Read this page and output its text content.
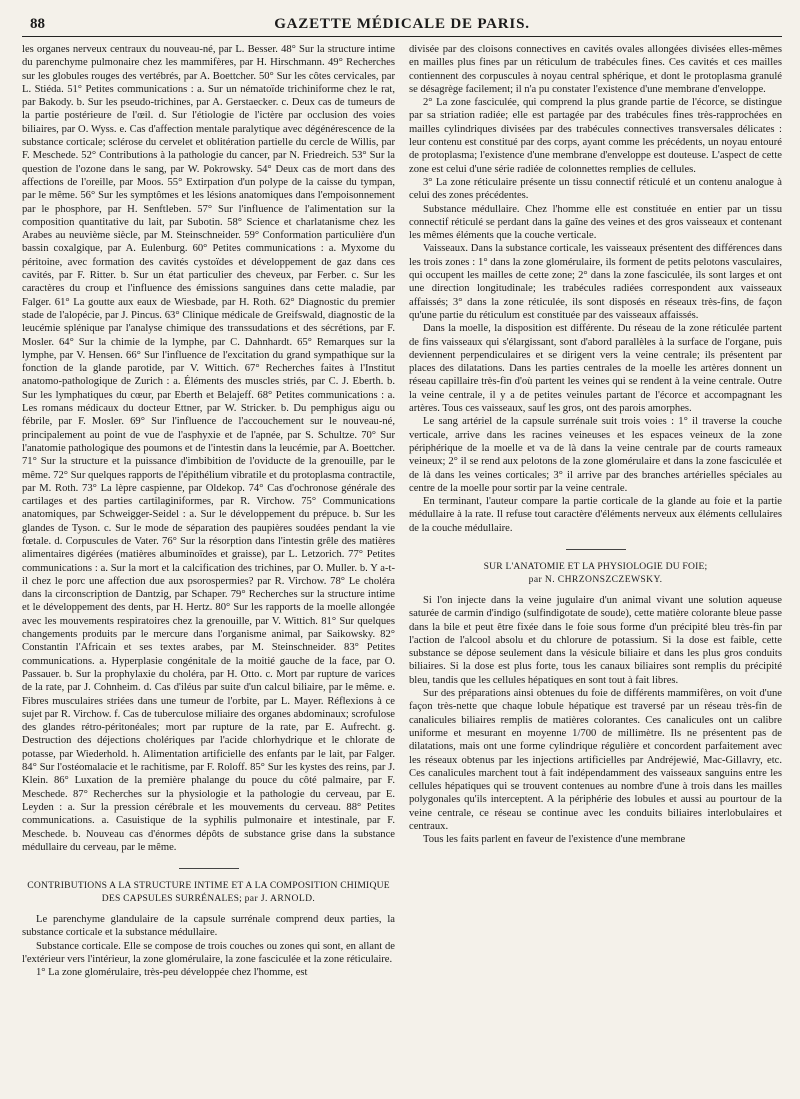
88	GAZETTE MÉDICALE DE PARIS.

les organes nerveux centraux du nouveau-né, par L. Besser. 48° Sur la structure intime du parenchyme pulmonaire chez les mammifères, par H. Hirschmann. 49° Recherches sur les globules rouges des vertébrés, par A. Boettcher. 50° Sur les côtes cervicales, par L. Stiéda. 51° Petites communications : a. Sur un nématoïde trichiniforme chez le rat, par Bakody. b. Sur les pseudo-trichines, par A. Gerstaecker. c. Deux cas de tumeurs de la partie postérieure de l'œil. d. Sur l'étiologie de l'ictère par occlusion des voies biliaires, par O. Wyss. e. Cas d'affection mentale paralytique avec dégénérescence de la substance corticale; sclérose du cervelet et oblitération partielle du cercle de Willis, par F. Meschede. 52° Contributions à la pathologie du cancer, par N. Friedreich. 53° Sur la question de l'ozone dans le sang, par W. Pokrowsky. 54° Deux cas de mort dans des affections de l'oreille, par Moos. 55° Extirpation d'un polype de la caisse du tympan, par le même. 56° Sur les symptômes et les lésions anatomiques dans l'empoisonnement par le phosphore, par H. Senftleben. 57° Sur l'influence de l'alimentation sur la composition quantitative du lait, par Subotin. 58° Science et charlatanisme chez les Arabes au neuvième siècle, par M. Steinschneider. 59° Conformation particulière d'un bassin coxalgique, par A. Eulenburg. 60° Petites communications : a. Myxome du péritoine, avec formation des cavités cystoïdes et développement de gaz dans ces cavités, par F. Ritter. b. Sur un état particulier des cheveux, par Ferber. c. Sur les caractères du croup et l'influence des émissions sanguines dans cette maladie, par Falger. 61° La goutte aux eaux de Wiesbade, par H. Roth. 62° Diagnostic du premier stade de l'alopécie, par J. Pincus. 63° Clinique médicale de Greifswald, diagnostic de la leucémie splénique par l'analyse chimique des transsudations et des sécrétions, par F. Mosler. 64° Sur la chimie de la lymphe, par C. Dahnhardt. 65° Remarques sur la lymphe, par V. Hensen. 66° Sur l'influence de l'excitation du grand sympathique sur la fonction de la glande parotide, par V. Wittich. 67° Recherches faites à l'Institut anatomo-pathologique de Zurich : a. Éléments des muscles striés, par C. J. Eberth. b. Sur les lymphatiques du cœur, par Eberth et Belajeff. 68° Petites communications : a. Les romans médicaux du docteur Ettner, par W. Stricker. b. Du pemphigus aigu ou fébrile, par F. Mosler. 69° Sur l'influence de l'accouchement sur le nouveau-né, principalement au point de vue de l'asphyxie et de l'apnée, par S. Schultze. 70° Sur l'anatomie pathologique des poumons et de l'intestin dans la leucémie, par A. Boettcher. 71° Sur la structure et la puissance d'imbibition de l'oviducte de la grenouille, par le même. 72° Sur quelques rapports de l'épithélium vibratile et du protoplasma contractile, par M. Roth. 73° La lèpre caspienne, par Oldekop. 74° Cas d'ochronose générale des cartilages et des parties cartilaginiformes, par R. Virchow. 75° Communications anatomiques, par Schweigger-Seidel : a. Sur le développement du prépuce. b. Sur les glandes de Tyson. c. Sur le mode de séparation des paupières soudées pendant la vie fœtale. d. Corpuscules de Vater. 76° Sur la résorption dans l'intestin grêle des matières alimentaires digérées (matières albuminoïdes et graisse), par L. Letzorich. 77° Petites communications : a. Sur la mort et la calcification des trichines, par O. Muller. b. Y a-t-il chez le porc une affection due aux psorospermies? par R. Virchow. 78° Le choléra dans la circonscription de Dantzig, par Schaper. 79° Recherches sur la structure intime et le développement des dents, par H. Hertz. 80° Sur les rapports de la moelle allongée avec les mouvements respiratoires chez la grenouille, par V. Wittich. 81° Sur quelques changements produits par le mercure dans l'organisme animal, par Saikowsky. 82° Constantin l'Africain et ses textes arabes, par M. Steinschneider. 83° Petites communications. a. Hyperplasie congénitale de la moitié gauche de la face, par O. Passauer. b. Sur la prophylaxie du choléra, par H. Otto. c. Mort par rupture de varices de la rate, par J. Cohnheim. d. Cas d'iléus par suite d'un calcul biliaire, par le même. e. Fibres musculaires striées dans une tumeur de l'orbite, par L. Mayer. Réflexions à ce sujet par R. Virchow. f. Cas de tuberculose miliaire des organes abdominaux; scrofulose des glandes rétro-péritonéales; mort par rupture de la rate, par E. Aufrecht. g. Destruction des déjections cholériques par l'acide chlorhydrique et le chlorate de potasse, par Wiederhold. h. Alimentation artificielle des enfants par le lait, par Falger. 84° Sur l'ostéomalacie et le rachitisme, par F. Roloff. 85° Sur les kystes des reins, par J. Klein. 86° Luxation de la première phalange du pouce du côté palmaire, par F. Meschede. 87° Recherches sur la physiologie et la pathologie du cerveau, par E. Leyden : a. Sur la pression cérébrale et les mouvements du cerveau. 88° Petites communications. a. Casuistique de la syphilis pulmonaire et intestinale, par F. Meschede. b. Nouveau cas d'énormes dépôts de substance grise dans la substance médullaire du cerveau, par le même.

CONTRIBUTIONS A LA STRUCTURE INTIME ET A LA COMPOSITION CHIMIQUE DES CAPSULES SURRÉNALES; par J. ARNOLD.

Le parenchyme glandulaire de la capsule surrénale comprend deux parties, la substance corticale et la substance médullaire.

Substance corticale. Elle se compose de trois couches ou zones qui sont, en allant de l'extérieur vers l'intérieur, la zone glomérulaire, la zone fasciculée et la zone réticulaire.

1° La zone glomérulaire, très-peu développée chez l'homme, est

divisée par des cloisons connectives en cavités ovales allongées divisées elles-mêmes en mailles plus fines par un réticulum de trabécules fines. Ces cavités et ces mailles contiennent des corpuscules à noyau central sphérique, et dont le protoplasma granulé se désagrège facilement; il n'a pu constater l'existence d'une membrane d'enveloppe.

2° La zone fasciculée, qui comprend la plus grande partie de l'écorce, se distingue par sa striation radiée; elle est partagée par des trabécules fines très-rapprochées en mailles cylindriques divisées par des trabécules connectives transversales délicates : leur contenu est constitué par des corps, ayant comme les précédents, un noyau entouré de protoplasma; l'existence d'une membrane d'enveloppe est douteuse. L'aspect de cette zone est celui d'une série radiée de colonnettes remplies de cellules.

3° La zone réticulaire présente un tissu connectif réticulé et un contenu analogue à celui des zones précédentes.

Substance médullaire. Chez l'homme elle est constituée en entier par un tissu connectif réticulé se perdant dans la gaîne des veines et des gros vaisseaux et contenant les mêmes éléments que la couche verticale.

Vaisseaux. Dans la substance corticale, les vaisseaux présentent des différences dans les trois zones : 1° dans la zone glomérulaire, ils forment de petits pelotons vasculaires, qui occupent les mailles de cette zone; 2° dans la zone fasciculée, ils sont larges et ont une direction longitudinale; les trabécules radiées correspondent aux vaisseaux affaissés; 3° dans la zone réticulée, ils sont disposés en réseaux très-fins, de façon qu'une partie du réticulum est constituée par des vaisseaux affaissés.

Dans la moelle, la disposition est différente. Du réseau de la zone réticulée partent de fins vaisseaux qui s'élargissant, sont d'abord parallèles à la surface de l'organe, puis deviennent perpendiculaires et se dirigent vers la veine centrale; ils présentent par places des dilatations. Dans les parties centrales de la moelle les artères donnent un réseau capillaire très-fin d'où partent les veines qui se rendent à la veine centrale. Outre la veine centrale, il y a de petites veinules partant de l'écorce et accompagnant les artères. Tous ces vaisseaux, sauf les gros, ont des parois amorphes.

Le sang artériel de la capsule surrénale suit trois voies : 1° il traverse la couche verticale, arrive dans les racines veineuses et les espaces veineux de la zone périphérique de la moelle et va de là dans la veine centrale par de courts rameaux veineux; 2° il se rend aux pelotons de la zone glomérulaire et dans la zone fasciculée et de là dans les veines corticales; 3° il arrive par des branches artérielles spéciales au centre de la moelle pour sortir par la veine centrale.

En terminant, l'auteur compare la partie corticale de la glande au foie et la partie médullaire à la rate. Il refuse tout caractère d'éléments nerveux aux éléments cellulaires de la couche médullaire.

SUR L'ANATOMIE ET LA PHYSIOLOGIE DU FOIE;
par N. CHRZONSZCZEWSKY.

Si l'on injecte dans la veine jugulaire d'un animal vivant une solution aqueuse saturée de carmin d'indigo (sulfindigotate de soude), cette matière colorante bleue passe dans la bile et peut être fixée dans le foie sous forme d'un précipité bleu très-fin par l'action de l'alcool absolu et du chlorure de potassium. Si la dose est faible, cette substance se dépose seulement dans la vésicule biliaire et dans les plus gros conduits biliaires. Si la dose est plus forte, tous les canaux biliaires sont remplis du précipité bleu, tandis que les cellules hépatiques en sont tout à fait libres.

Sur des préparations ainsi obtenues du foie de différents mammifères, on voit d'une façon très-nette que chaque lobule hépatique est traversé par un réseau très-fin de canalicules biliaires remplis de matières colorantes. Ces canalicules ont un calibre uniforme et mesurant en moyenne 1/700 de millimètre. Ils ne présentent pas de dilatations, mais ont une forme cylindrique régulière et concordent parfaitement avec les réseaux obtenus par les injections artificielles par Andréjewié, Mac-Gillavry, etc. Ces canalicules marchent tout à fait indépendamment des vaisseaux sanguins entre les cellules hépatiques qui se trouvent contenues au nombre d'une à trois dans les mailles polygonales qu'ils interceptent. A la périphérie des lobules et aussi au pourtour de la veine centrale, ce réseau se continue avec les conduits biliaires interlobulaires et centraux.

Tous les faits parlent en faveur de l'existence d'une membrane
